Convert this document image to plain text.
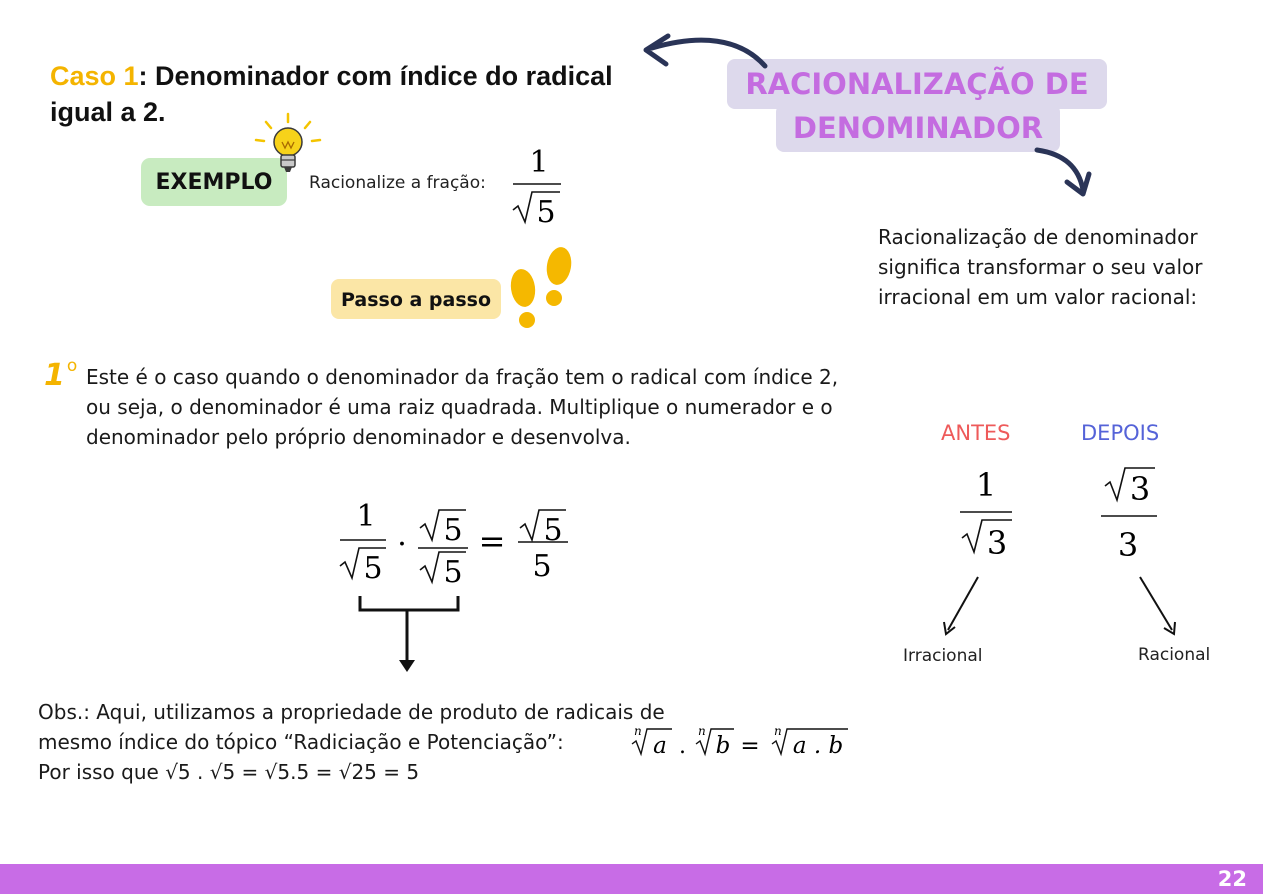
Caso 1: Denominador com índice do radical
igual a 2.
RACIONALIZAÇÃO DE
DENOMINADOR
Racionalização de denominador significa transformar o seu valor irracional em um valor racional:
EXEMPLO	Racionalize a fração:
1
5
Passo a passo
1 $^o$ Este é o caso quando o denominador da fração tem o radical com índice 2, ou seja, o denominador é uma raiz quadrada. Multiplique o numerador e o denominador pelo próprio denominador e desenvolva.
1
5
· 5
5
= 5
5
ANTES	DEPOIS
1
3
3
3
Irracional	Racional
Obs.: Aqui, utilizamos a propriedade de produto de radicais de
mesmo índice do tópico “Radiciação e Potenciação”:
Por isso que √5 . √5 = √5.5 = √25 = 5
n
a .
n
b =
n
a . b
22
